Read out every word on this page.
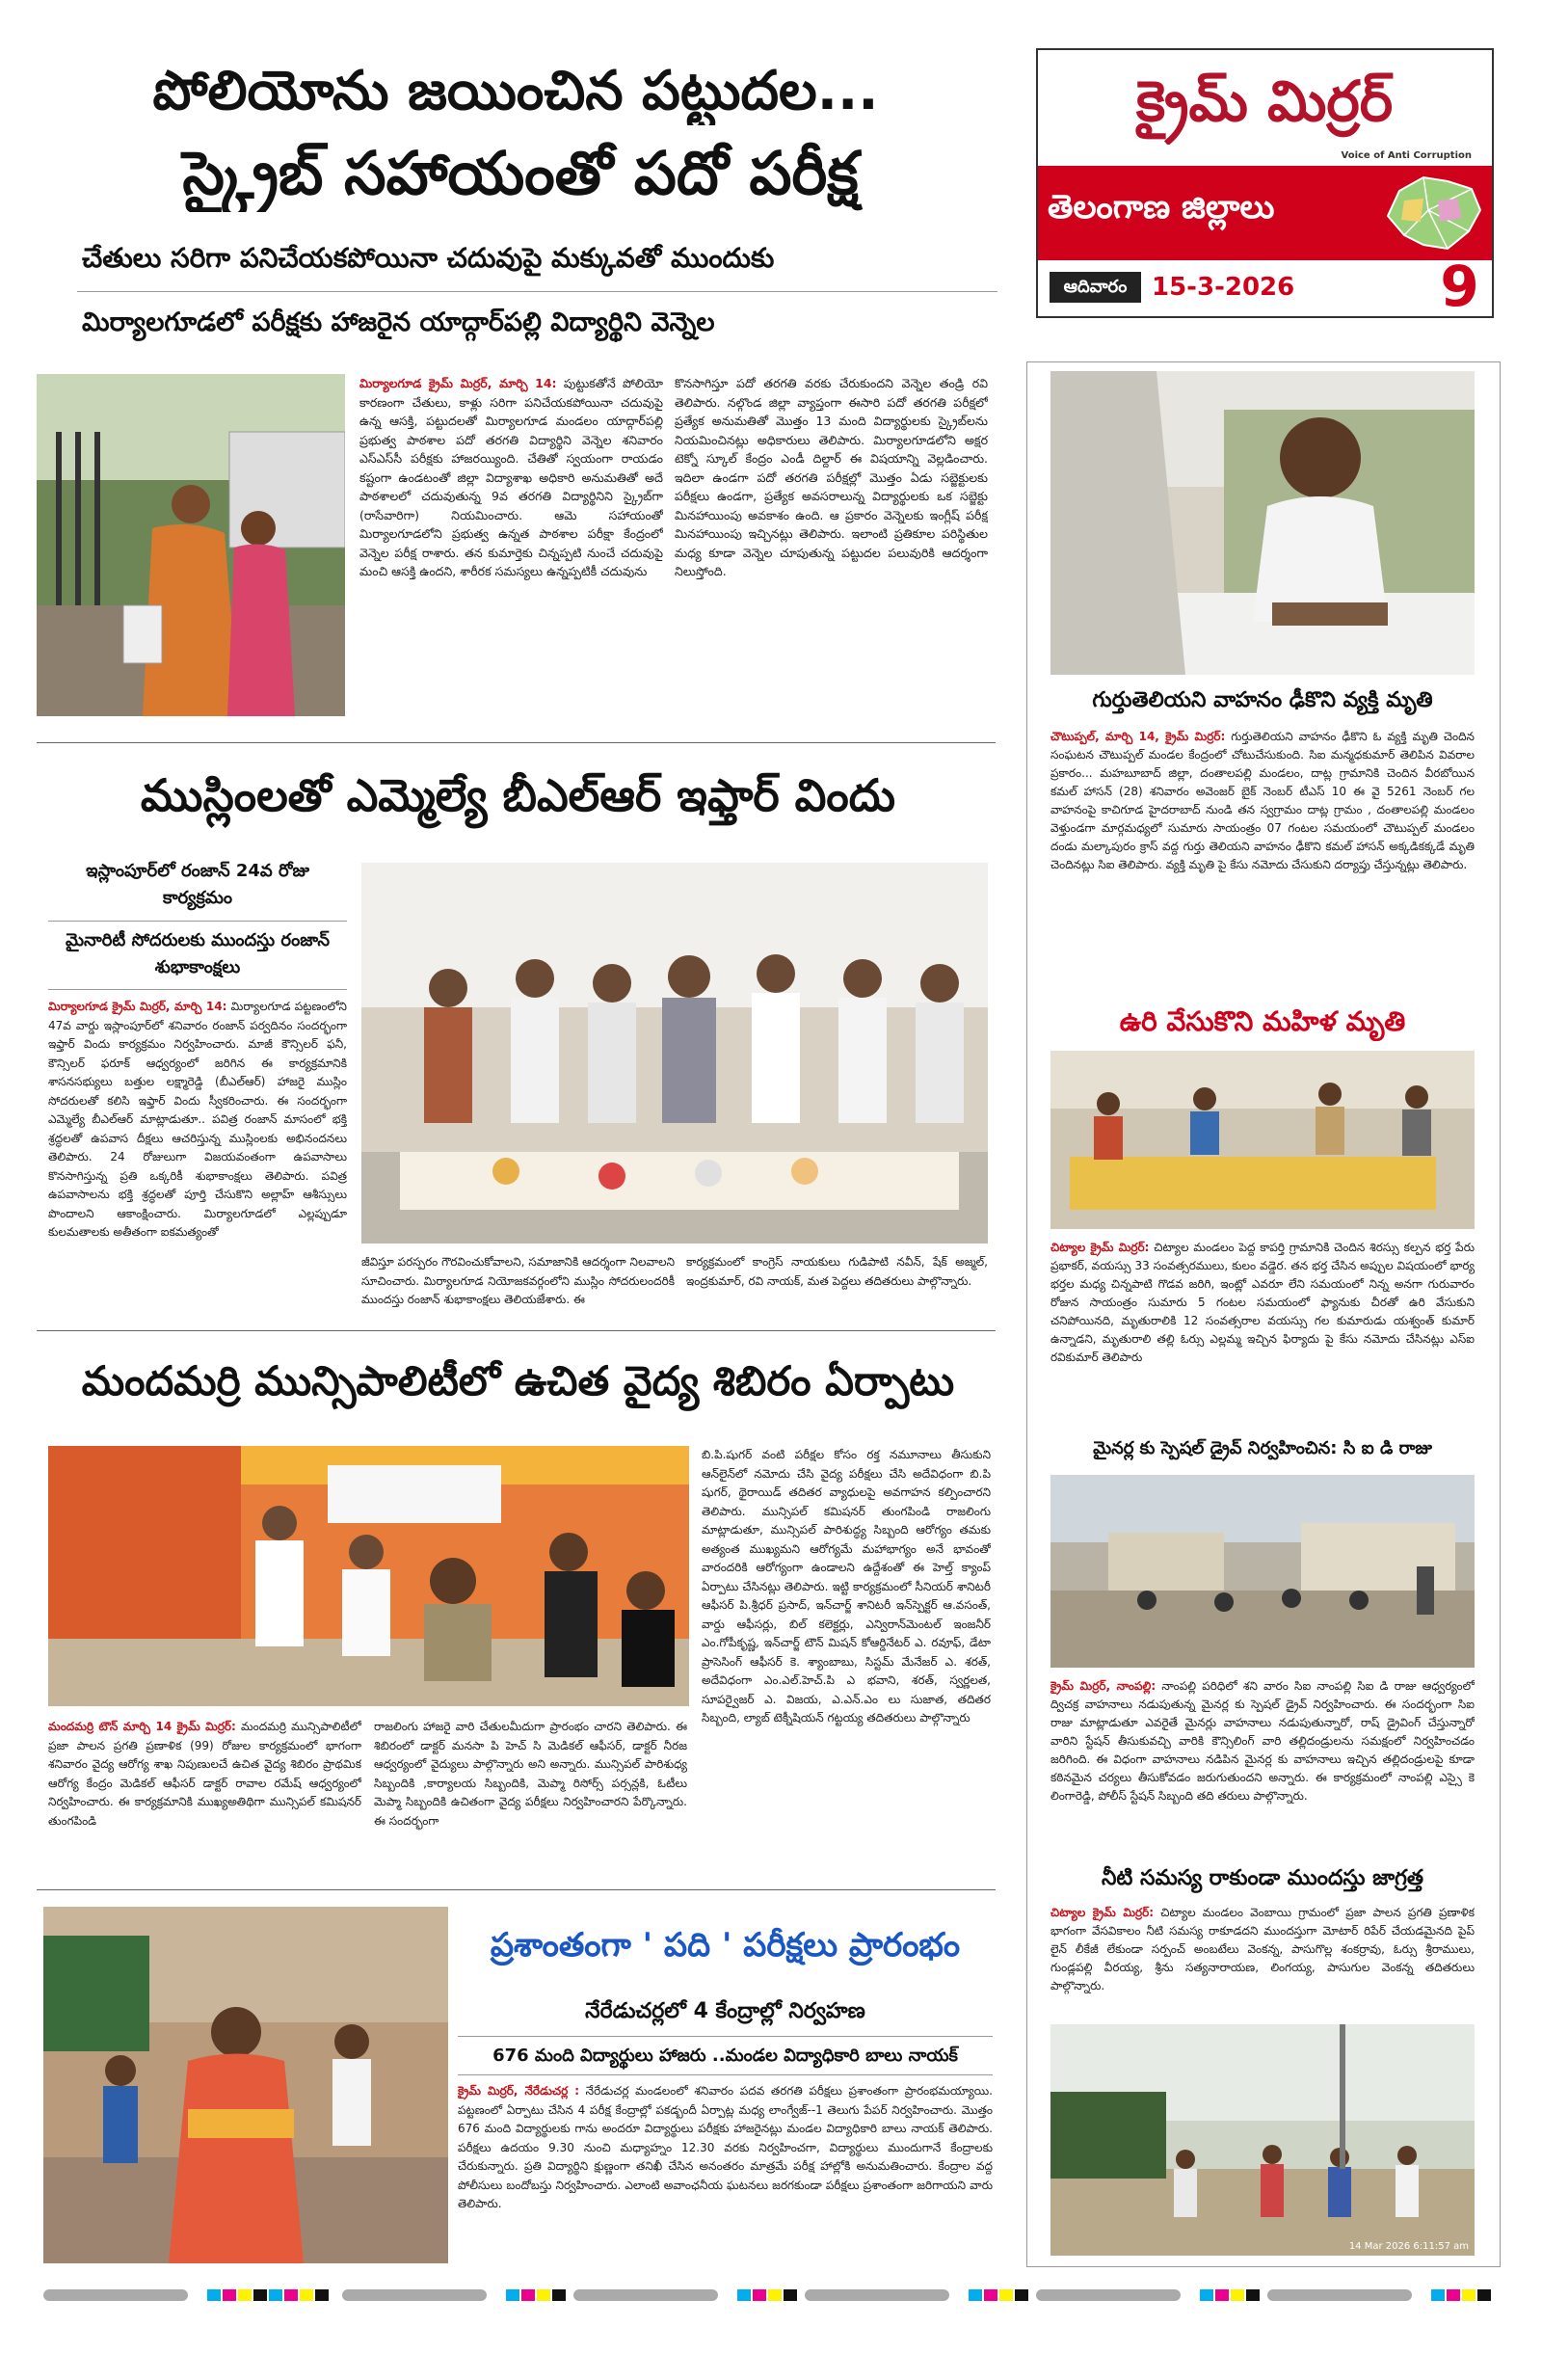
పోలియోను జయించిన పట్టుదల...
స్క్రైబ్ సహాయంతో పదో పరీక్ష
చేతులు సరిగా పనిచేయకపోయినా చదువుపై మక్కువతో ముందుకు
మిర్యాలగూడలో పరీక్షకు హాజరైన యాద్గార్‌పల్లి విద్యార్థిని వెన్నెల
క్రైమ్ మిర్రర్
Voice of Anti Corruption
తెలంగాణ జిల్లాలు
ఆదివారం 15-3-2026	9
మిర్యాలగూడ క్రైమ్ మిర్రర్, మార్చి 14: పుట్టుకతోనే పోలియో కారణంగా చేతులు, కాళ్లు సరిగా పనిచేయకపోయినా చదువుపై ఉన్న ఆసక్తి, పట్టుదలతో మిర్యాలగూడ మండలం యాద్గార్‌పల్లి ప్రభుత్వ పాఠశాల పదో తరగతి విద్యార్థిని వెన్నెల శనివారం ఎస్ఎస్‌సీ పరీక్షకు హాజరయ్యింది. చేతితో స్వయంగా రాయడం కష్టంగా ఉండటంతో జిల్లా విద్యాశాఖ అధికారి అనుమతితో అదే పాఠశాలలో చదువుతున్న 9వ తరగతి విద్యార్థినిని స్క్రైబ్‌గా (రాసేవారిగా) నియమించారు. ఆమె సహాయంతో మిర్యాలగూడలోని ప్రభుత్వ ఉన్నత పాఠశాల పరీక్షా కేంద్రంలో వెన్నెల పరీక్ష రాశారు. తన కుమార్తెకు చిన్నప్పటి నుంచే చదువుపై మంచి ఆసక్తి ఉందని, శారీరక సమస్యలు ఉన్నప్పటికీ చదువును
కొనసాగిస్తూ పదో తరగతి వరకు చేరుకుందని వెన్నెల తండ్రి రవి తెలిపారు. నల్గొండ జిల్లా వ్యాప్తంగా ఈసారి పదో తరగతి పరీక్షలో ప్రత్యేక అనుమతితో మొత్తం 13 మంది విద్యార్థులకు స్క్రైబ్‌లను నియమించినట్లు అధికారులు తెలిపారు. మిర్యాలగూడలోని అక్షర టెక్నో స్కూల్ కేంద్రం ఎండీ దిల్దార్ ఈ విషయాన్ని వెల్లడించారు. ఇదిలా ఉండగా పదో తరగతి పరీక్షల్లో మొత్తం ఏడు సబ్జెక్టులకు పరీక్షలు ఉండగా, ప్రత్యేక అవసరాలున్న విద్యార్థులకు ఒక సబ్జెక్టు మినహాయింపు అవకాశం ఉంది. ఆ ప్రకారం వెన్నెలకు ఇంగ్లీష్ పరీక్ష మినహాయింపు ఇచ్చినట్లు తెలిపారు. ఇలాంటి ప్రతికూల పరిస్థితుల మధ్య కూడా వెన్నెల చూపుతున్న పట్టుదల పలువురికి ఆదర్శంగా నిలుస్తోంది.
గుర్తుతెలియని వాహనం ఢీకొని వ్యక్తి మృతి
చౌటుప్పల్, మార్చి 14, క్రైమ్ మిర్రర్: గుర్తుతెలియని వాహనం ఢీకొని ఓ వ్యక్తి మృతి చెందిన సంఘటన చౌటుప్పల్ మండల కేంద్రంలో చోటుచేసుకుంది. సిఐ మన్మధకుమార్ తెలిపిన వివరాల ప్రకారం... మహబూబాద్ జిల్లా, దంతాలపల్లి మండలం, దాట్ల గ్రామానికి చెందిన వీరబోయిన కమల్ హాసన్ (28) శనివారం అవెంజర్ బైక్ నెంబర్ టీఎస్ 10 ఈ వై 5261 నెంబర్ గల వాహనంపై కాచిగూడ హైదరాబాద్ నుండి తన స్వగ్రామం దాట్ల గ్రామం , దంతాలపల్లి మండలం వెళ్తుండగా మార్గమధ్యలో సుమారు సాయంత్రం 07 గంటల సమయంలో చౌటుప్పల్ మండలం దండు మల్కాపురం క్రాస్ వద్ద గుర్తు తెలియని వాహనం ఢీకొని కమల్ హాసన్ అక్కడికక్కడే మృతి చెందినట్లు సిఐ తెలిపారు. వ్యక్తి మృతి పై కేసు నమోదు చేసుకుని దర్యాప్తు చేస్తున్నట్లు తెలిపారు.
ఉరి వేసుకొని మహిళ మృతి
చిట్యాల క్రైమ్ మిర్రర్: చిట్యాల మండలం పెద్ద కాపర్తి గ్రామానికి చెందిన శిరస్సు కల్పన భర్త పేరు ప్రభాకర్, వయస్సు 33 సంవత్సరములు, కులం వడ్డెర. తన భర్త చేసిన అప్పుల విషయంలో భార్య భర్తల మధ్య చిన్నపాటి గొడవ జరిగి, ఇంట్లో ఎవరూ లేని సమయంలో నిన్న అనగా గురువారం రోజున సాయంత్రం సుమారు 5 గంటల సమయంలో ఫ్యానుకు చీరతో ఉరి వేసుకుని చనిపోయినది, మృతురాలికి 12 సంవత్సరాల వయస్సు గల కుమారుడు యశ్వంత్ కుమార్ ఉన్నాడని, మృతురాలి తల్లి ఓర్సు ఎల్లమ్మ ఇచ్చిన ఫిర్యాదు పై కేసు నమోదు చేసినట్లు ఎస్ఐ రవికుమార్ తెలిపారు
మైనర్ల కు స్పెషల్ డ్రైవ్ నిర్వహించిన: సి ఐ డి రాజు
క్రైమ్ మిర్రర్, నాంపల్లి: నాంపల్లి పరిధిలో శని వారం సిఐ నాంపల్లి సిఐ డి రాజు ఆధ్వర్యంలో ద్విచక్ర వాహనాలు నడుపుతున్న మైనర్ల కు స్పెషల్ డ్రైవ్ నిర్వహించారు. ఈ సందర్భంగా సిఐ రాజు మాట్లాడుతూ ఎవరైతే మైనర్లు వాహనాలు నడుపుతున్నారో, రాష్ డ్రైవింగ్ చేస్తున్నారో వారిని స్టేషన్ తీసుకువచ్చి వారికి కౌన్సిలింగ్ వారి తల్లిదండ్రులను సమక్షంలో నిర్వహించడం జరిగింది. ఈ విధంగా వాహనాలు నడిపిన మైనర్ల కు వాహనాలు ఇచ్చిన తల్లిదండ్రులపై కూడా కఠినమైన చర్యలు తీసుకోవడం జరుగుతుందని అన్నారు. ఈ కార్యక్రమంలో నాంపల్లి ఎస్సై కె లింగారెడ్డి, పోలీస్ స్టేషన్ సిబ్బంది తది తరులు పాల్గొన్నారు.
నీటి సమస్య రాకుండా ముందస్తు జాగ్రత్త
చిట్యాల క్రైమ్ మిర్రర్: చిట్యాల మండలం వెంబాయి గ్రామంలో ప్రజా పాలన ప్రగతి ప్రణాళిక భాగంగా వేసవికాలం నీటి సమస్య రాకూడదని ముందస్తుగా మోటార్ రిపేర్ చేయడమైనది పైప్ లైన్ లీకేజీ లేకుండా సర్పంచ్ అంబటేలు వెంకన్న, పాసుగొల్ల శంకర్రావు, ఓర్సు శ్రీరాములు, గుండ్లపల్లి వీరయ్య, శ్రీను సత్యనారాయణ, లింగయ్య, పాసుగుల వెంకన్న తదితరులు పాల్గొన్నారు.
14 Mar 2026 6:11:57 am
ముస్లింలతో ఎమ్మెల్యే బీఎల్ఆర్ ఇఫ్తార్ విందు
ఇస్లాంపూర్‌లో రంజాన్ 24వ రోజు కార్యక్రమం
మైనారిటీ సోదరులకు ముందస్తు రంజాన్ శుభాకాంక్షలు
మిర్యాలగూడ క్రైమ్ మిర్రర్, మార్చి 14: మిర్యాలగూడ పట్టణంలోని 47వ వార్డు ఇస్లాంపూర్‌లో శనివారం రంజాన్ పర్వదినం సందర్భంగా ఇఫ్తార్ విందు కార్యక్రమం నిర్వహించారు. మాజీ కౌన్సిలర్ ఫనీ, కౌన్సిలర్ ఫరూక్ ఆధ్వర్యంలో జరిగిన ఈ కార్యక్రమానికి శాసనసభ్యులు బత్తుల లక్ష్మారెడ్డి (బీఎల్ఆర్) హాజరై ముస్లిం సోదరులతో కలిసి ఇఫ్తార్ విందు స్వీకరించారు. ఈ సందర్భంగా ఎమ్మెల్యే బీఎల్ఆర్ మాట్లాడుతూ.. పవిత్ర రంజాన్ మాసంలో భక్తి శ్రద్ధలతో ఉపవాస దీక్షలు ఆచరిస్తున్న ముస్లింలకు అభినందనలు తెలిపారు. 24 రోజులుగా విజయవంతంగా ఉపవాసాలు కొనసాగిస్తున్న ప్రతి ఒక్కరికీ శుభాకాంక్షలు తెలిపారు. పవిత్ర ఉపవాసాలను భక్తి శ్రద్ధలతో పూర్తి చేసుకొని అల్లాహ్ ఆశీస్సులు పొందాలని ఆకాంక్షించారు. మిర్యాలగూడలో ఎల్లప్పుడూ కులమతాలకు అతీతంగా ఐకమత్యంతో
జీవిస్తూ పరస్పరం గౌరవించుకోవాలని, సమాజానికి ఆదర్శంగా నిలవాలని సూచించారు. మిర్యాలగూడ నియోజకవర్గంలోని ముస్లిం సోదరులందరికీ ముందస్తు రంజాన్ శుభాకాంక్షలు తెలియజేశారు. ఈ
కార్యక్రమంలో కాంగ్రెస్ నాయకులు గుడిపాటి నవీన్, షేక్ అజ్మల్, ఇంద్రకుమార్, రవి నాయక్, మత పెద్దలు తదితరులు పాల్గొన్నారు.
మందమర్రి మున్సిపాలిటీలో ఉచిత వైద్య శిబిరం ఏర్పాటు
బి.పి.షుగర్ వంటి పరీక్షల కోసం రక్త నమూనాలు తీసుకుని ఆన్‌లైన్‌లో నమోదు చేసి వైద్య పరీక్షలు చేసి అదేవిధంగా బి.పి షుగర్, థైరాయిడ్ తదితర వ్యాధులపై అవగాహన కల్పించారని తెలిపారు. మున్సిపల్ కమిషనర్ తుంగపిండి రాజలింగు మాట్లాడుతూ, మున్సిపల్ పారిశుద్ధ్య సిబ్బంది ఆరోగ్యం తమకు అత్యంత ముఖ్యమని ఆరోగ్యమే మహాభాగ్యం అనే భావంతో వారందరికి ఆరోగ్యంగా ఉండాలని ఉద్దేశంతో ఈ హెల్త్ క్యాంప్ ఏర్పాటు చేసినట్లు తెలిపారు. ఇట్టి కార్యక్రమంలో సీనియర్ శానిటరీ ఆఫీసర్ పి.శ్రీధర్ ప్రసాద్, ఇన్‌చార్జ్ శానిటరీ ఇన్‌స్పెక్టర్ ఆ.వసంత్, వార్డు ఆఫీసర్లు, బిల్ కలెక్టర్లు, ఎన్విరాన్‌మెంటల్ ఇంజనీర్ ఎం.గోపీకృష్ణ, ఇన్‌చార్జ్ టౌన్ మిషన్ కోఆర్డినేటర్ ఎ. రవూఫ్, డేటా ప్రాసెసింగ్ ఆఫీసర్ కె. శ్యాంబాబు, సిస్టమ్ మేనేజర్ ఎ. శరత్, అదేవిధంగా ఎం.ఎల్.హెచ్.పి ఎ భవాని, శరత్, స్వర్ణలత, సూపర్వైజర్ ఎ. విజయ, ఎ.ఎన్.ఎం లు సుజాత, తదితర సిబ్బంది, ల్యాబ్ టెక్నీషియన్ గట్టయ్య తదితరులు పాల్గొన్నారు
మందమర్రి టౌన్ మార్చి 14 క్రైమ్ మిర్రర్: మందమర్రి మున్సిపాలిటీలో ప్రజా పాలన ప్రగతి ప్రణాళిక (99) రోజుల కార్యక్రమంలో భాగంగా శనివారం వైద్య ఆరోగ్య శాఖ నిపుణులచే ఉచిత వైద్య శిబిరం ప్రాథమిక ఆరోగ్య కేంద్రం మెడికల్ ఆఫీసర్ డాక్టర్ రావాల రమేష్ ఆధ్వర్యంలో నిర్వహించారు. ఈ కార్యక్రమానికి ముఖ్యఅతిథిగా మున్సిపల్ కమిషనర్ తుంగపిండి
రాజలింగు హాజరై వారి చేతులమీదుగా ప్రారంభం చారని తెలిపారు. ఈ శిబిరంలో డాక్టర్ మనసా పి హెచ్ సి మెడికల్ ఆఫీసర్, డాక్టర్ నీరజ ఆధ్వర్యంలో వైద్యులు పాల్గొన్నారు అని అన్నారు. మున్సిపల్ పారిశుధ్య సిబ్బందికి ,కార్యాలయ సిబ్బందికి, మెప్మా రిసోర్స్ పర్సన్లకి, ఓటీలు మెప్మా సిబ్బందికి ఉచితంగా వైద్య పరీక్షలు నిర్వహించారని పేర్కొన్నారు. ఈ సందర్భంగా
ప్రశాంతంగా ' పది ' పరీక్షలు ప్రారంభం
నేరేడుచర్లలో 4 కేంద్రాల్లో నిర్వహణ
676 మంది విద్యార్థులు హాజరు ..మండల విద్యాధికారి బాలు నాయక్
క్రైమ్ మిర్రర్, నేరేడుచర్ల : నేరేడుచర్ల మండలంలో శనివారం పదవ తరగతి పరీక్షలు ప్రశాంతంగా ప్రారంభమయ్యాయి. పట్టణంలో ఏర్పాటు చేసిన 4 పరీక్ష కేంద్రాల్లో పకడ్బందీ ఏర్పాట్ల మధ్య లాంగ్వేజ్--1 తెలుగు పేపర్ నిర్వహించారు. మొత్తం 676 మంది విద్యార్థులకు గాను అందరూ విద్యార్థులు పరీక్షకు హాజరైనట్లు మండల విద్యాధికారి బాలు నాయక్ తెలిపారు. పరీక్షలు ఉదయం 9.30 నుంచి మధ్యాహ్నం 12.30 వరకు నిర్వహించగా, విద్యార్థులు ముందుగానే కేంద్రాలకు చేరుకున్నారు. ప్రతి విద్యార్థిని క్షుణ్ణంగా తనిఖీ చేసిన అనంతరం మాత్రమే పరీక్ష హాల్లోకి అనుమతించారు. కేంద్రాల వద్ద పోలీసులు బందోబస్తు నిర్వహించారు. ఎలాంటి అవాంఛనీయ ఘటనలు జరగకుండా పరీక్షలు ప్రశాంతంగా జరిగాయని వారు తెలిపారు.
